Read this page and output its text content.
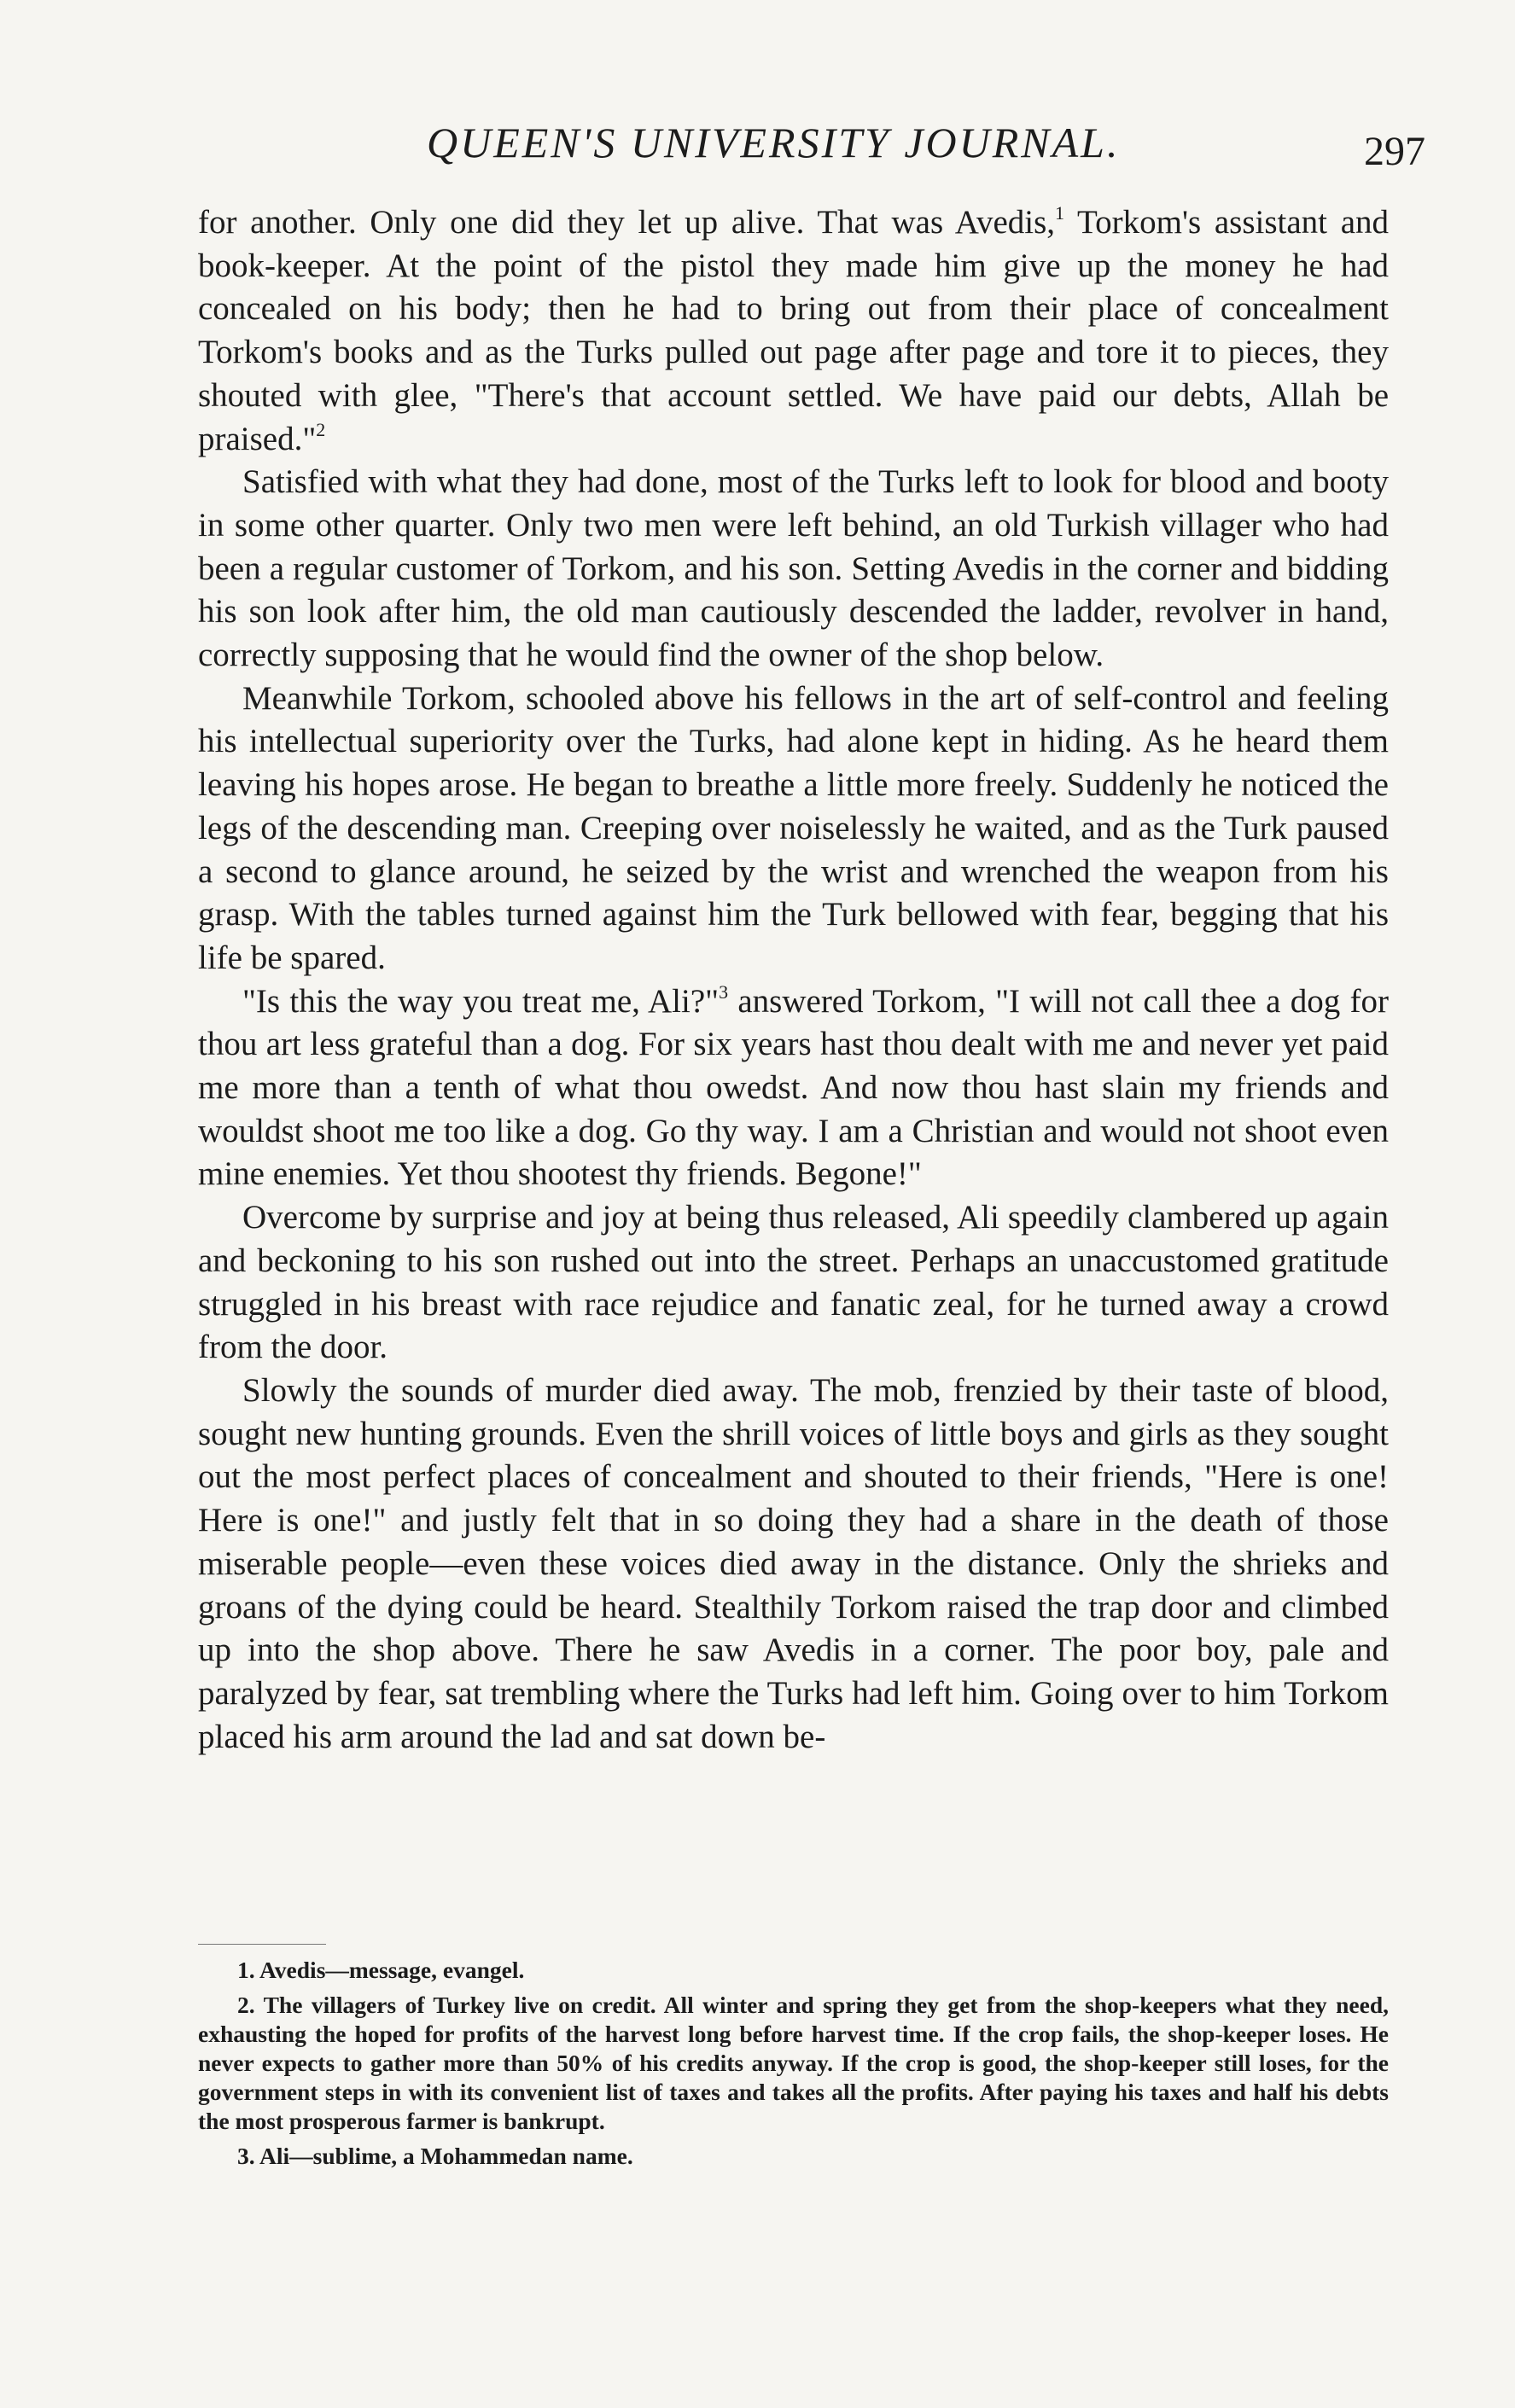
QUEEN'S UNIVERSITY JOURNAL.	297

for another. Only one did they let up alive. That was Avedis,$^1$ Torkom's assistant and book-keeper. At the point of the pistol they made him give up the money he had concealed on his body; then he had to bring out from their place of concealment Torkom's books and as the Turks pulled out page after page and tore it to pieces, they shouted with glee, "There's that account settled. We have paid our debts, Allah be praised."$^2$

Satisfied with what they had done, most of the Turks left to look for blood and booty in some other quarter. Only two men were left behind, an old Turkish villager who had been a regular customer of Torkom, and his son. Setting Avedis in the corner and bidding his son look after him, the old man cautiously descended the ladder, revolver in hand, correctly supposing that he would find the owner of the shop below.

Meanwhile Torkom, schooled above his fellows in the art of self-control and feeling his intellectual superiority over the Turks, had alone kept in hiding. As he heard them leaving his hopes arose. He began to breathe a little more freely. Suddenly he noticed the legs of the descending man. Creeping over noiselessly he waited, and as the Turk paused a second to glance around, he seized by the wrist and wrenched the weapon from his grasp. With the tables turned against him the Turk bellowed with fear, begging that his life be spared.

"Is this the way you treat me, Ali?"$^3$ answered Torkom, "I will not call thee a dog for thou art less grateful than a dog. For six years hast thou dealt with me and never yet paid me more than a tenth of what thou owedst. And now thou hast slain my friends and wouldst shoot me too like a dog. Go thy way. I am a Christian and would not shoot even mine enemies. Yet thou shootest thy friends. Begone!"

Overcome by surprise and joy at being thus released, Ali speedily clambered up again and beckoning to his son rushed out into the street. Perhaps an unaccustomed gratitude struggled in his breast with race rejudice and fanatic zeal, for he turned away a crowd from the door.

Slowly the sounds of murder died away. The mob, frenzied by their taste of blood, sought new hunting grounds. Even the shrill voices of little boys and girls as they sought out the most perfect places of concealment and shouted to their friends, "Here is one! Here is one!" and justly felt that in so doing they had a share in the death of those miserable people—even these voices died away in the distance. Only the shrieks and groans of the dying could be heard. Stealthily Torkom raised the trap door and climbed up into the shop above. There he saw Avedis in a corner. The poor boy, pale and paralyzed by fear, sat trembling where the Turks had left him. Going over to him Torkom placed his arm around the lad and sat down be-

1. Avedis—message, evangel.

2. The villagers of Turkey live on credit. All winter and spring they get from the shop-keepers what they need, exhausting the hoped for profits of the harvest long before harvest time. If the crop fails, the shop-keeper loses. He never expects to gather more than 50% of his credits anyway. If the crop is good, the shop-keeper still loses, for the government steps in with its convenient list of taxes and takes all the profits. After paying his taxes and half his debts the most prosperous farmer is bankrupt.

3. Ali—sublime, a Mohammedan name.
